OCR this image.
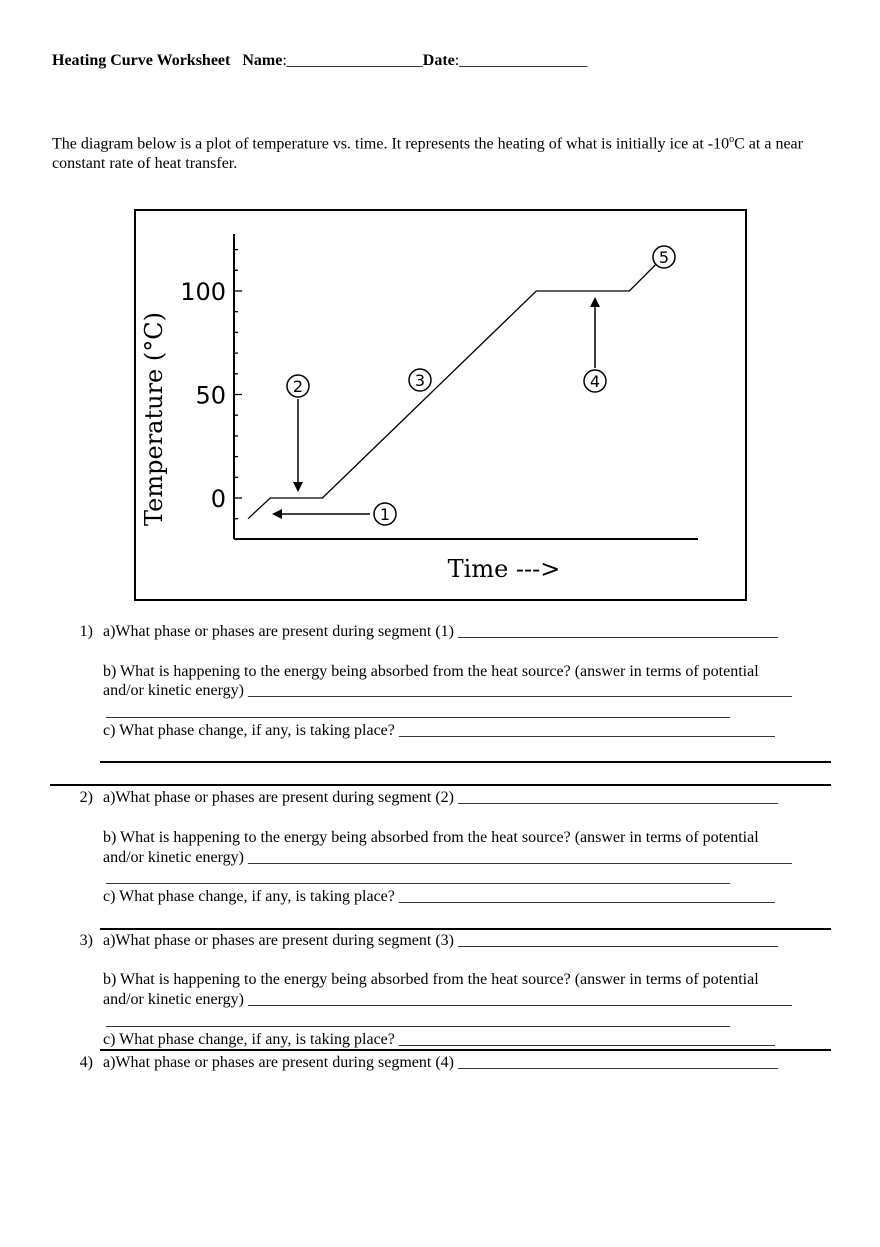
Heating Curve Worksheet Name:_________________Date:________________
The diagram below is a plot of temperature vs. time. It represents the heating of what is initially ice at -10$^o$C at a near constant rate of heat transfer.
0
50
100
1
2	3	4
5
Temperature (°C)
Time --->
1) a)What phase or phases are present during segment (1) ________________________________________
b) What is happening to the energy being absorbed from the heat source? (answer in terms of potential
and/or kinetic energy) ____________________________________________________________________
______________________________________________________________________________
c) What phase change, if any, is taking place? _______________________________________________
2) a)What phase or phases are present during segment (2) ________________________________________
b) What is happening to the energy being absorbed from the heat source? (answer in terms of potential
and/or kinetic energy) ____________________________________________________________________
______________________________________________________________________________
c) What phase change, if any, is taking place? _______________________________________________
3) a)What phase or phases are present during segment (3) ________________________________________
b) What is happening to the energy being absorbed from the heat source? (answer in terms of potential
and/or kinetic energy) ____________________________________________________________________
______________________________________________________________________________
c) What phase change, if any, is taking place? _______________________________________________
4) a)What phase or phases are present during segment (4) ________________________________________
